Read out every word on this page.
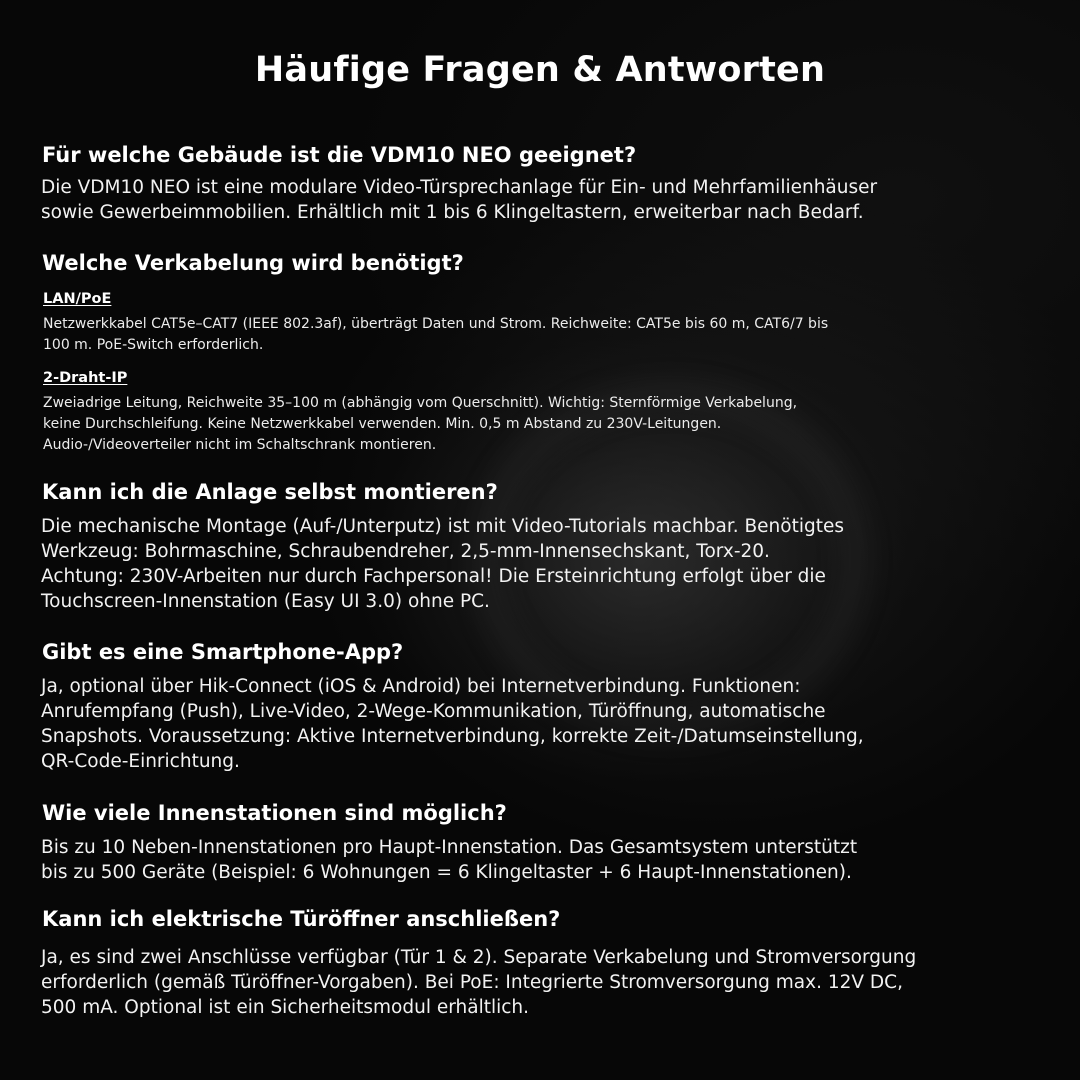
Häufige Fragen & Antworten
Für welche Gebäude ist die VDM10 NEO geeignet?
Die VDM10 NEO ist eine modulare Video-Türsprechanlage für Ein- und Mehrfamilienhäuser
sowie Gewerbeimmobilien. Erhältlich mit 1 bis 6 Klingeltastern, erweiterbar nach Bedarf.
Welche Verkabelung wird benötigt?
LAN/PoE
Netzwerkkabel CAT5e–CAT7 (IEEE 802.3af), überträgt Daten und Strom. Reichweite: CAT5e bis 60 m, CAT6/7 bis
100 m. PoE-Switch erforderlich.
2-Draht-IP
Zweiadrige Leitung, Reichweite 35–100 m (abhängig vom Querschnitt). Wichtig: Sternförmige Verkabelung,
keine Durchschleifung. Keine Netzwerkkabel verwenden. Min. 0,5 m Abstand zu 230V-Leitungen.
Audio-/Videoverteiler nicht im Schaltschrank montieren.
Kann ich die Anlage selbst montieren?
Die mechanische Montage (Auf-/Unterputz) ist mit Video-Tutorials machbar. Benötigtes
Werkzeug: Bohrmaschine, Schraubendreher, 2,5-mm-Innensechskant, Torx-20.
Achtung: 230V-Arbeiten nur durch Fachpersonal! Die Ersteinrichtung erfolgt über die
Touchscreen-Innenstation (Easy UI 3.0) ohne PC.
Gibt es eine Smartphone-App?
Ja, optional über Hik-Connect (iOS & Android) bei Internetverbindung. Funktionen:
Anrufempfang (Push), Live-Video, 2-Wege-Kommunikation, Türöffnung, automatische
Snapshots. Voraussetzung: Aktive Internetverbindung, korrekte Zeit-/Datumseinstellung,
QR-Code-Einrichtung.
Wie viele Innenstationen sind möglich?
Bis zu 10 Neben-Innenstationen pro Haupt-Innenstation. Das Gesamtsystem unterstützt
bis zu 500 Geräte (Beispiel: 6 Wohnungen = 6 Klingeltaster + 6 Haupt-Innenstationen).
Kann ich elektrische Türöffner anschließen?
Ja, es sind zwei Anschlüsse verfügbar (Tür 1 & 2). Separate Verkabelung und Stromversorgung
erforderlich (gemäß Türöffner-Vorgaben). Bei PoE: Integrierte Stromversorgung max. 12V DC,
500 mA. Optional ist ein Sicherheitsmodul erhältlich.
